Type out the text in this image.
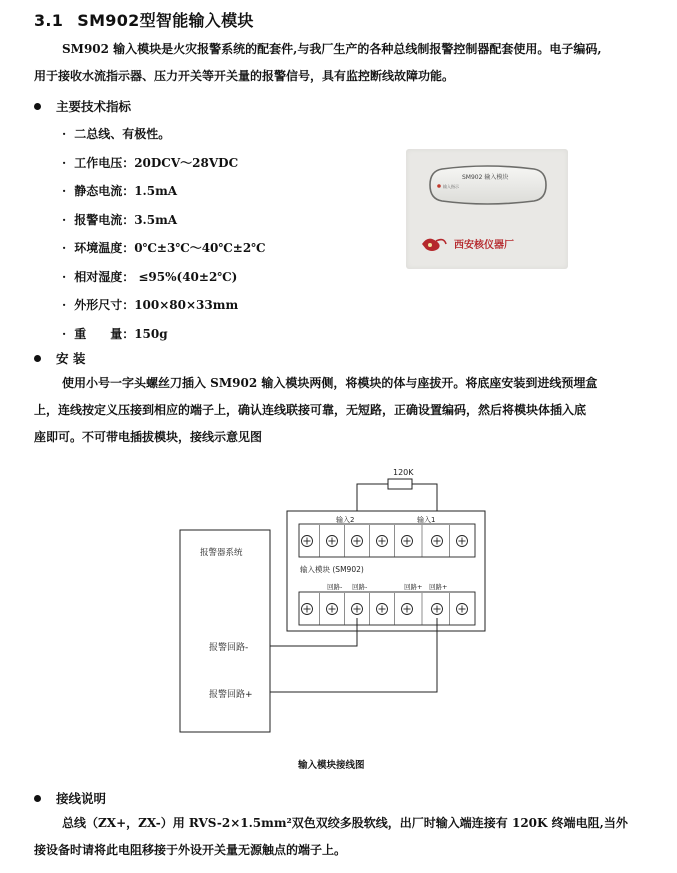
3.1 SM902型智能输入模块
SM902 输入模块是火灾报警系统的配套件,与我厂生产的各种总线制报警控制器配套使用。电子编码,
用于接收水流指示器、压力开关等开关量的报警信号，具有监控断线故障功能。
主要技术指标
· 二总线、有极性。
· 工作电压：20DCV～28VDC
· 静态电流：1.5mA
· 报警电流：3.5mA
· 环境温度：0℃±3℃～40℃±2℃
· 相对湿度： ≤95%(40±2℃)
· 外形尺寸：100×80×33mm
· 重　　量：150g
SM902 输入模块
输入指示
西安核仪器厂
安 装
使用小号一字头螺丝刀插入 SM902 输入模块两侧，将模块的体与座拔开。将底座安装到进线预埋盒
上，连线按定义压接到相应的端子上，确认连线联接可靠，无短路，正确设置编码，然后将模块体插入底
座即可。不可带电插拔模块，接线示意见图
120K
输入2	输入1
输入模块 (SM902)
回路- 回路-	回路+ 回路+
报警器系统
报警回路-
报警回路+
输入模块接线图
接线说明
总线（ZX+，ZX-）用 RVS-2×1.5mm²双色双绞多股软线，出厂时输入端连接有 120K 终端电阻,当外
接设备时请将此电阻移接于外设开关量无源触点的端子上。
